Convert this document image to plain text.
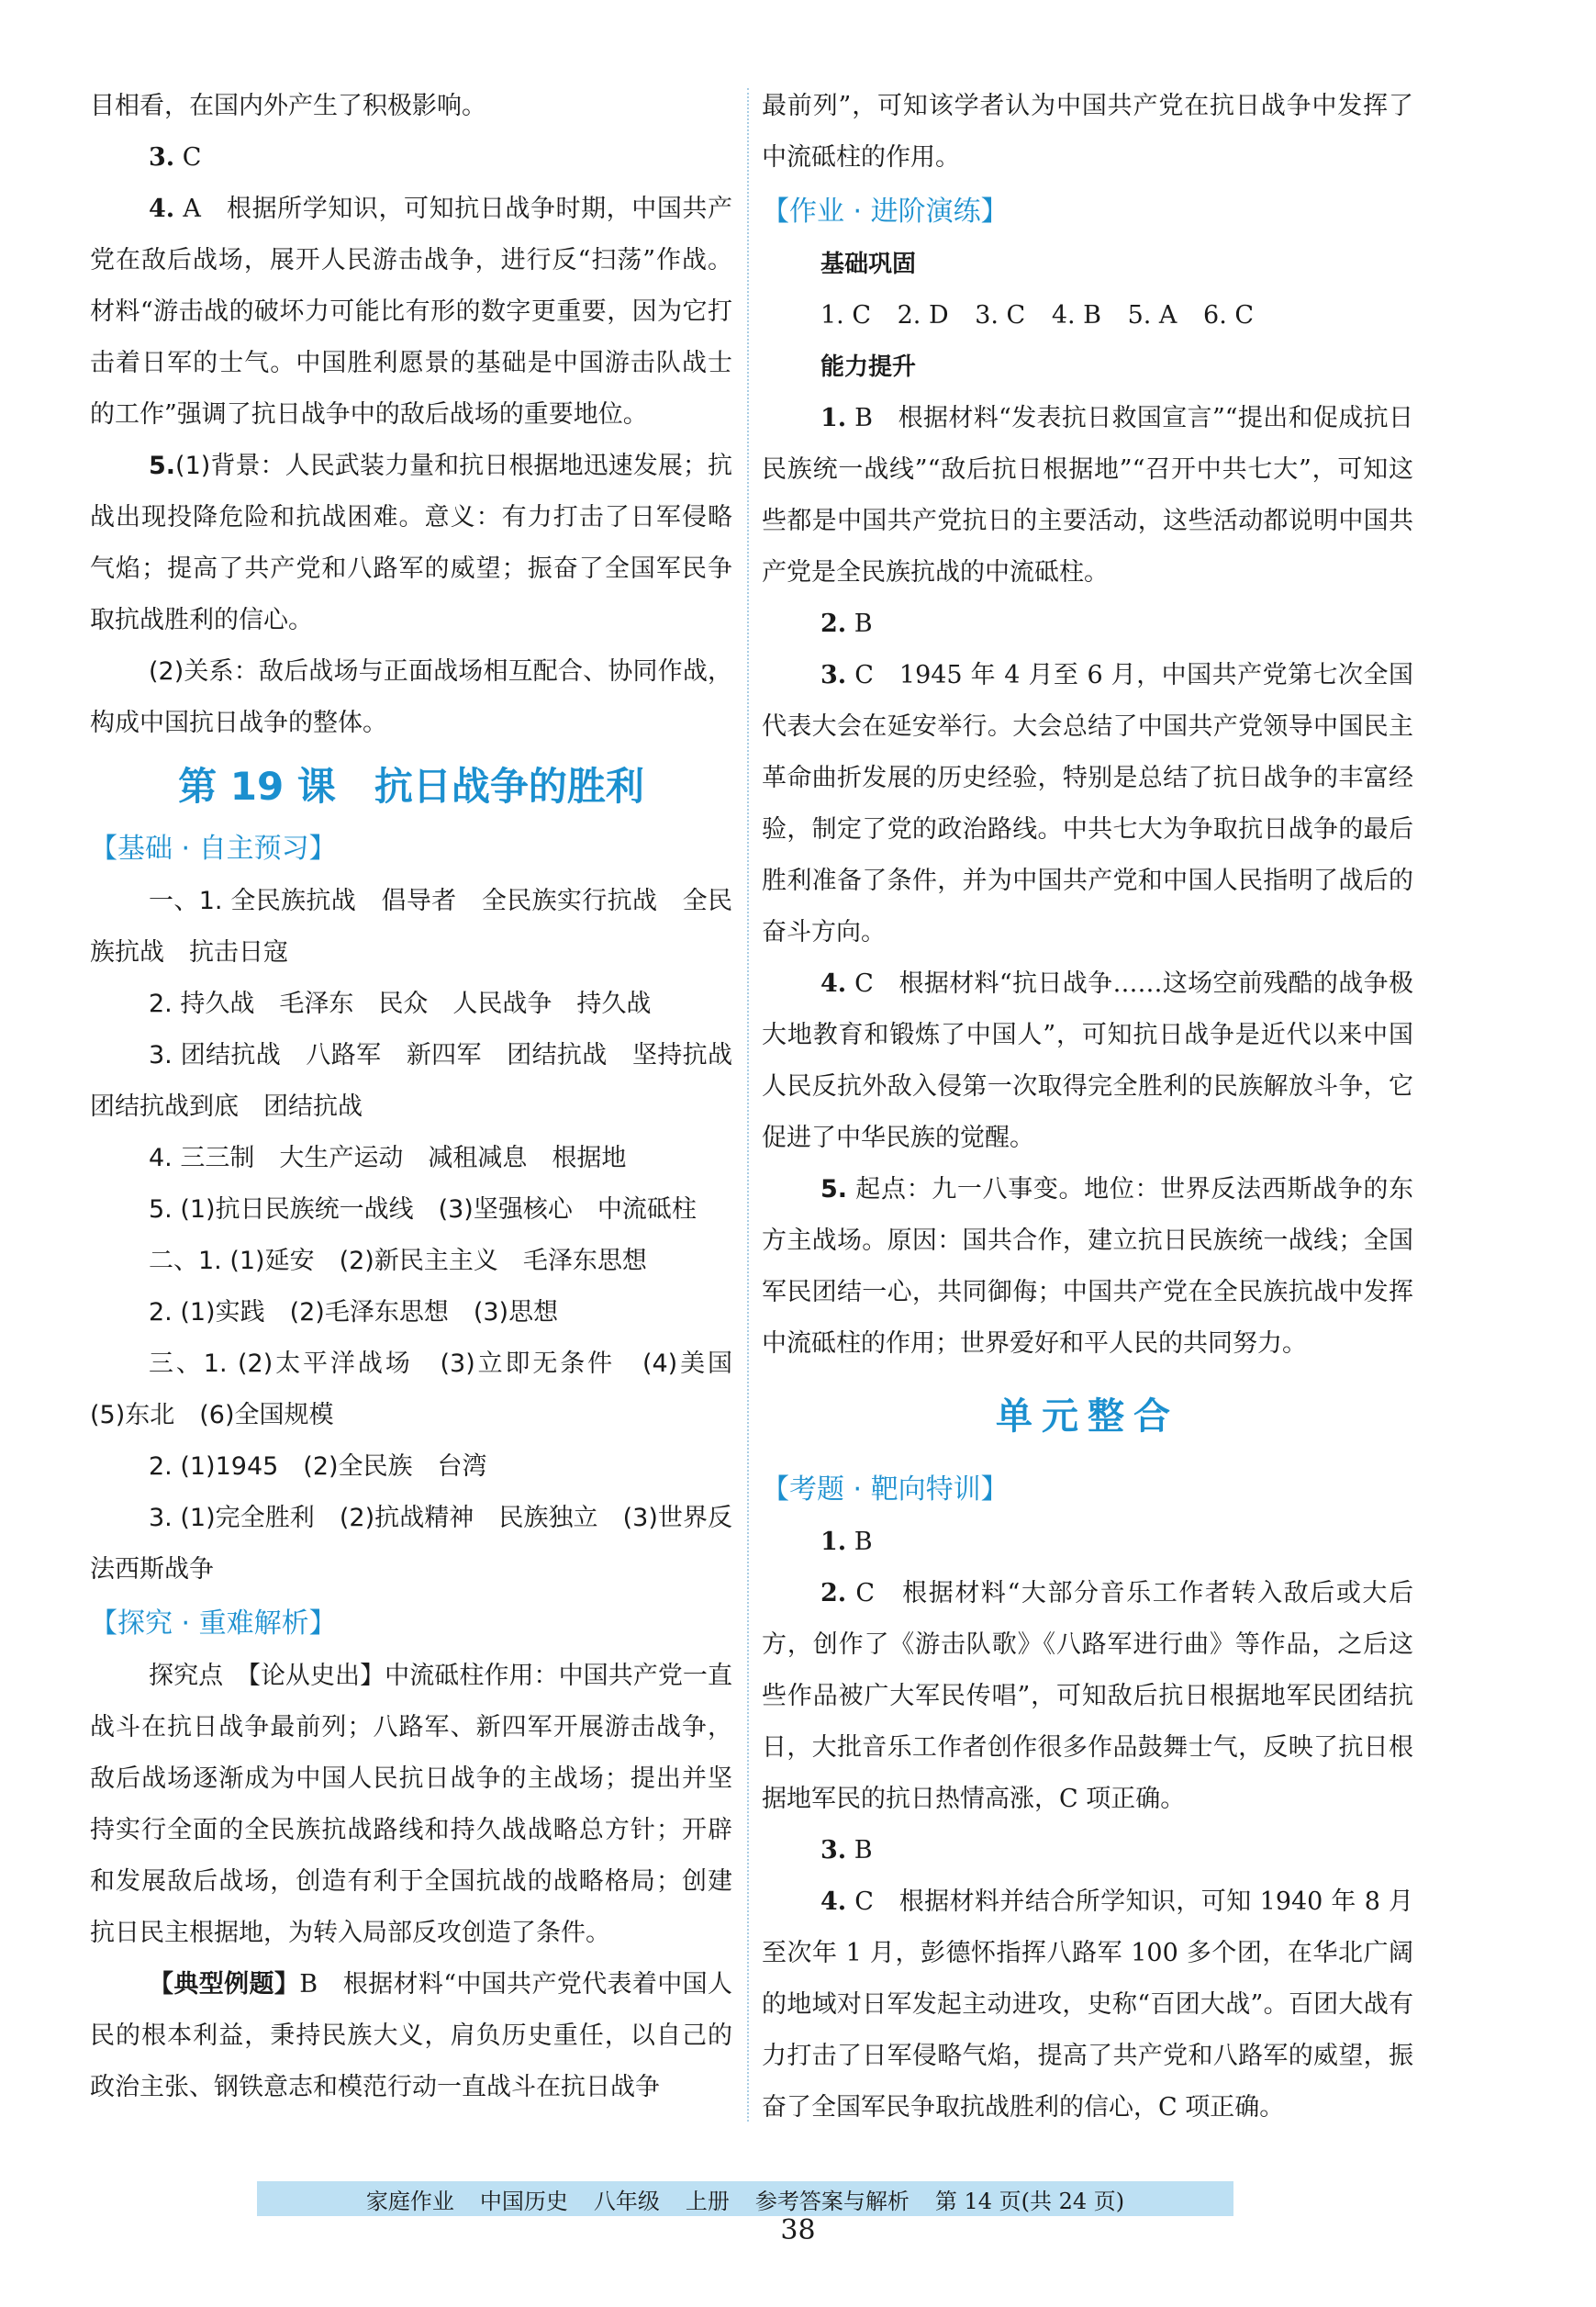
目相看，在国内外产生了积极影响。

3. C

4. A　根据所学知识，可知抗日战争时期，中国共产党在敌后战场，展开人民游击战争，进行反“扫荡”作战。材料“游击战的破坏力可能比有形的数字更重要，因为它打击着日军的士气。中国胜利愿景的基础是中国游击队战士的工作”强调了抗日战争中的敌后战场的重要地位。

5.(1)背景：人民武装力量和抗日根据地迅速发展；抗战出现投降危险和抗战困难。意义：有力打击了日军侵略气焰；提高了共产党和八路军的威望；振奋了全国军民争取抗战胜利的信心。

(2)关系：敌后战场与正面战场相互配合、协同作战，构成中国抗日战争的整体。

第 19 课　抗日战争的胜利
【基础 · 自主预习】

一、1. 全民族抗战　倡导者　全民族实行抗战　全民族抗战　抗击日寇

2. 持久战　毛泽东　民众　人民战争　持久战

3. 团结抗战　八路军　新四军　团结抗战　坚持抗战　团结抗战到底　团结抗战

4. 三三制　大生产运动　减租减息　根据地

5. (1)抗日民族统一战线　(3)坚强核心　中流砥柱

二、1. (1)延安　(2)新民主主义　毛泽东思想

2. (1)实践　(2)毛泽东思想　(3)思想

三、1. (2)太平洋战场　(3)立即无条件　(4)美国　(5)东北　(6)全国规模

2. (1)1945　(2)全民族　台湾

3. (1)完全胜利　(2)抗战精神　民族独立　(3)世界反法西斯战争

【探究 · 重难解析】

探究点　【论从史出】中流砥柱作用：中国共产党一直战斗在抗日战争最前列；八路军、新四军开展游击战争，敌后战场逐渐成为中国人民抗日战争的主战场；提出并坚持实行全面的全民族抗战路线和持久战战略总方针；开辟和发展敌后战场，创造有利于全国抗战的战略格局；创建抗日民主根据地，为转入局部反攻创造了条件。

【典型例题】B　根据材料“中国共产党代表着中国人民的根本利益，秉持民族大义，肩负历史重任，以自己的政治主张、钢铁意志和模范行动一直战斗在抗日战争

最前列”，可知该学者认为中国共产党在抗日战争中发挥了中流砥柱的作用。

【作业 · 进阶演练】
基础巩固

1. C 2. D 3. C 4. B 5. A 6. C

能力提升

1. B　根据材料“发表抗日救国宣言”“提出和促成抗日民族统一战线”“敌后抗日根据地”“召开中共七大”，可知这些都是中国共产党抗日的主要活动，这些活动都说明中国共产党是全民族抗战的中流砥柱。

2. B

3. C　1945 年 4 月至 6 月，中国共产党第七次全国代表大会在延安举行。大会总结了中国共产党领导中国民主革命曲折发展的历史经验，特别是总结了抗日战争的丰富经验，制定了党的政治路线。中共七大为争取抗日战争的最后胜利准备了条件，并为中国共产党和中国人民指明了战后的奋斗方向。

4. C　根据材料“抗日战争……这场空前残酷的战争极大地教育和锻炼了中国人”，可知抗日战争是近代以来中国人民反抗外敌入侵第一次取得完全胜利的民族解放斗争，它促进了中华民族的觉醒。

5. 起点：九一八事变。地位：世界反法西斯战争的东方主战场。原因：国共合作，建立抗日民族统一战线；全国军民团结一心，共同御侮；中国共产党在全民族抗战中发挥中流砥柱的作用；世界爱好和平人民的共同努力。

单元整合
【考题 · 靶向特训】

1. B

2. C　根据材料“大部分音乐工作者转入敌后或大后方，创作了《游击队歌》《八路军进行曲》等作品，之后这些作品被广大军民传唱”，可知敌后抗日根据地军民团结抗日，大批音乐工作者创作很多作品鼓舞士气，反映了抗日根据地军民的抗日热情高涨，C 项正确。

3. B

4. C　根据材料并结合所学知识，可知 1940 年 8 月至次年 1 月，彭德怀指挥八路军 100 多个团，在华北广阔的地域对日军发起主动进攻，史称“百团大战”。百团大战有力打击了日军侵略气焰，提高了共产党和八路军的威望，振奋了全国军民争取抗战胜利的信心，C 项正确。

家庭作业 中国历史 八年级 上册 参考答案与解析 第 14 页(共 24 页)
38
